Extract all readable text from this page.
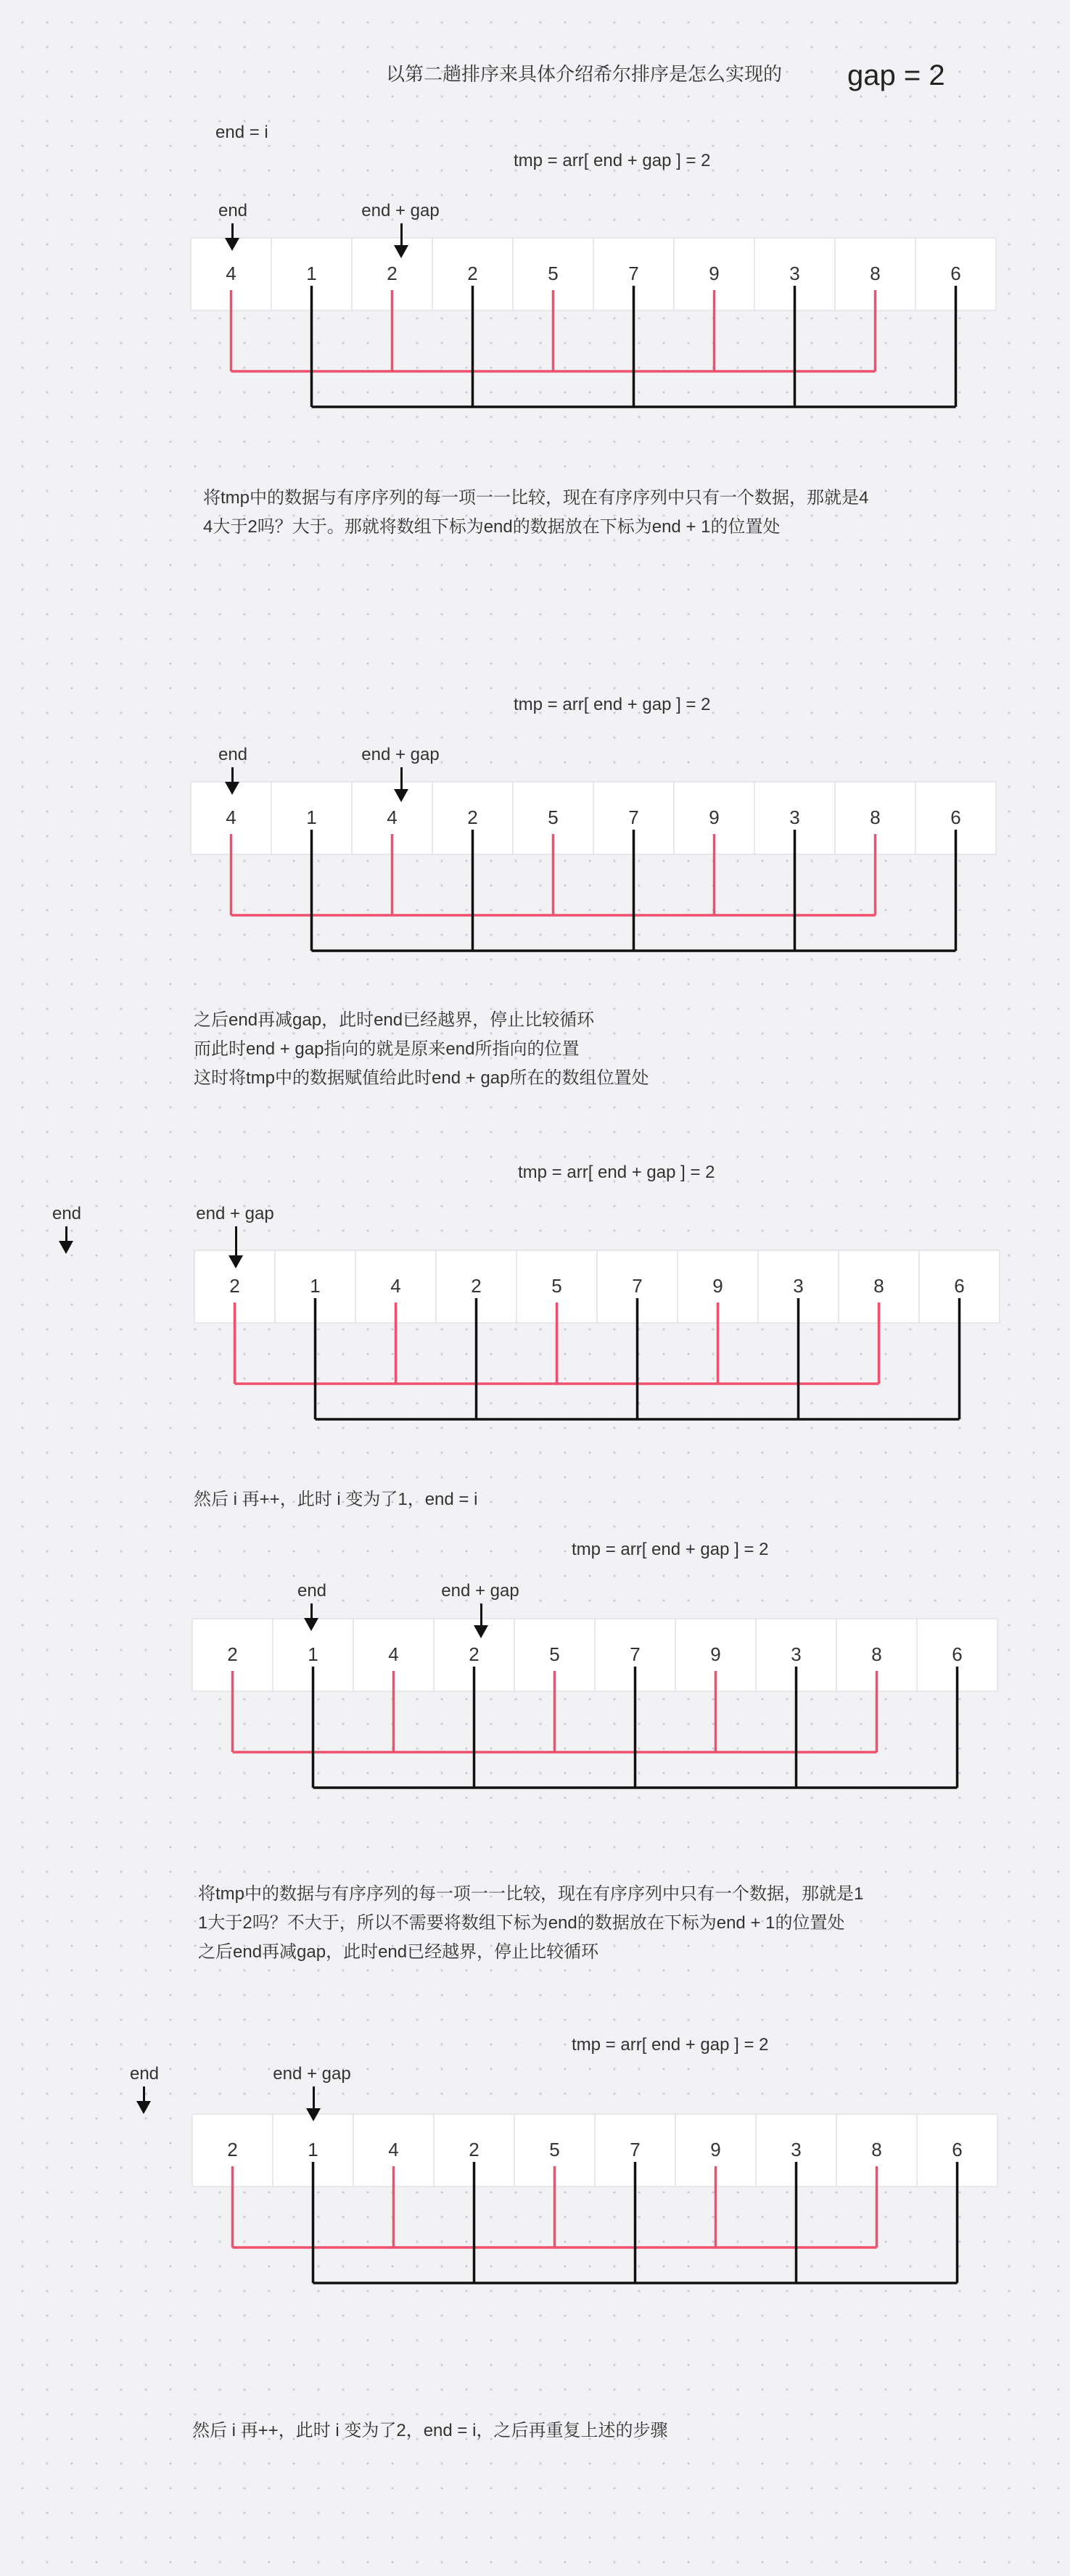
以第二趟排序来具体介绍希尔排序是怎么实现的 gap = 2
end = i
4	1	2	2	5	7	9	3	8	6
4	1	4	2	5	7	9	3	8	6
2	1	4	2	5	7	9	3	8	6
2	1	4	2	5	7	9	3	8	6
2	1	4	2	5	7	9	3	8	6
tmp = arr[ end + gap ] = 2
end	end + gap
将tmp中的数据与有序序列的每一项一一比较，现在有序序列中只有一个数据，那就是4
4大于2吗？大于。那就将数组下标为end的数据放在下标为end + 1的位置处
tmp = arr[ end + gap ] = 2
end	end + gap
之后end再减gap，此时end已经越界，停止比较循环
而此时end + gap指向的就是原来end所指向的位置
这时将tmp中的数据赋值给此时end + gap所在的数组位置处
tmp = arr[ end + gap ] = 2
end	end + gap
然后 i 再++，此时 i 变为了1，end = i
tmp = arr[ end + gap ] = 2
end	end + gap
将tmp中的数据与有序序列的每一项一一比较，现在有序序列中只有一个数据，那就是1
1大于2吗？不大于，所以不需要将数组下标为end的数据放在下标为end + 1的位置处
之后end再减gap，此时end已经越界，停止比较循环
tmp = arr[ end + gap ] = 2
end	end + gap
然后 i 再++，此时 i 变为了2，end = i，之后再重复上述的步骤
